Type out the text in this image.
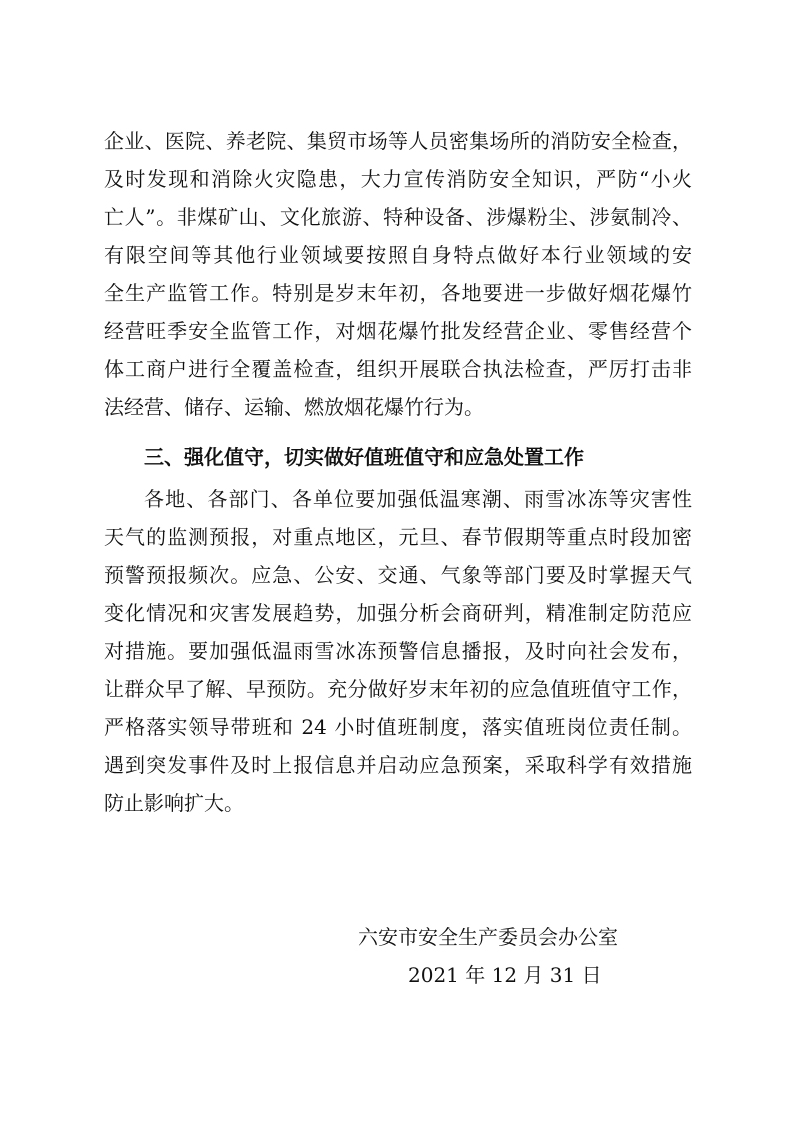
企业、医院、养老院、集贸市场等人员密集场所的消防安全检查，
及时发现和消除火灾隐患，大力宣传消防安全知识，严防“小火
亡人”。非煤矿山、文化旅游、特种设备、涉爆粉尘、涉氨制冷、
有限空间等其他行业领域要按照自身特点做好本行业领域的安
全生产监管工作。特别是岁末年初，各地要进一步做好烟花爆竹
经营旺季安全监管工作，对烟花爆竹批发经营企业、零售经营个
体工商户进行全覆盖检查，组织开展联合执法检查，严厉打击非
法经营、储存、运输、燃放烟花爆竹行为。
三、强化值守，切实做好值班值守和应急处置工作
各地、各部门、各单位要加强低温寒潮、雨雪冰冻等灾害性
天气的监测预报，对重点地区，元旦、春节假期等重点时段加密
预警预报频次。应急、公安、交通、气象等部门要及时掌握天气
变化情况和灾害发展趋势，加强分析会商研判，精准制定防范应
对措施。要加强低温雨雪冰冻预警信息播报，及时向社会发布，
让群众早了解、早预防。充分做好岁末年初的应急值班值守工作，
严格落实领导带班和 24 小时值班制度，落实值班岗位责任制。
遇到突发事件及时上报信息并启动应急预案，采取科学有效措施
防止影响扩大。
六安市安全生产委员会办公室
2021 年 12 月 31 日
